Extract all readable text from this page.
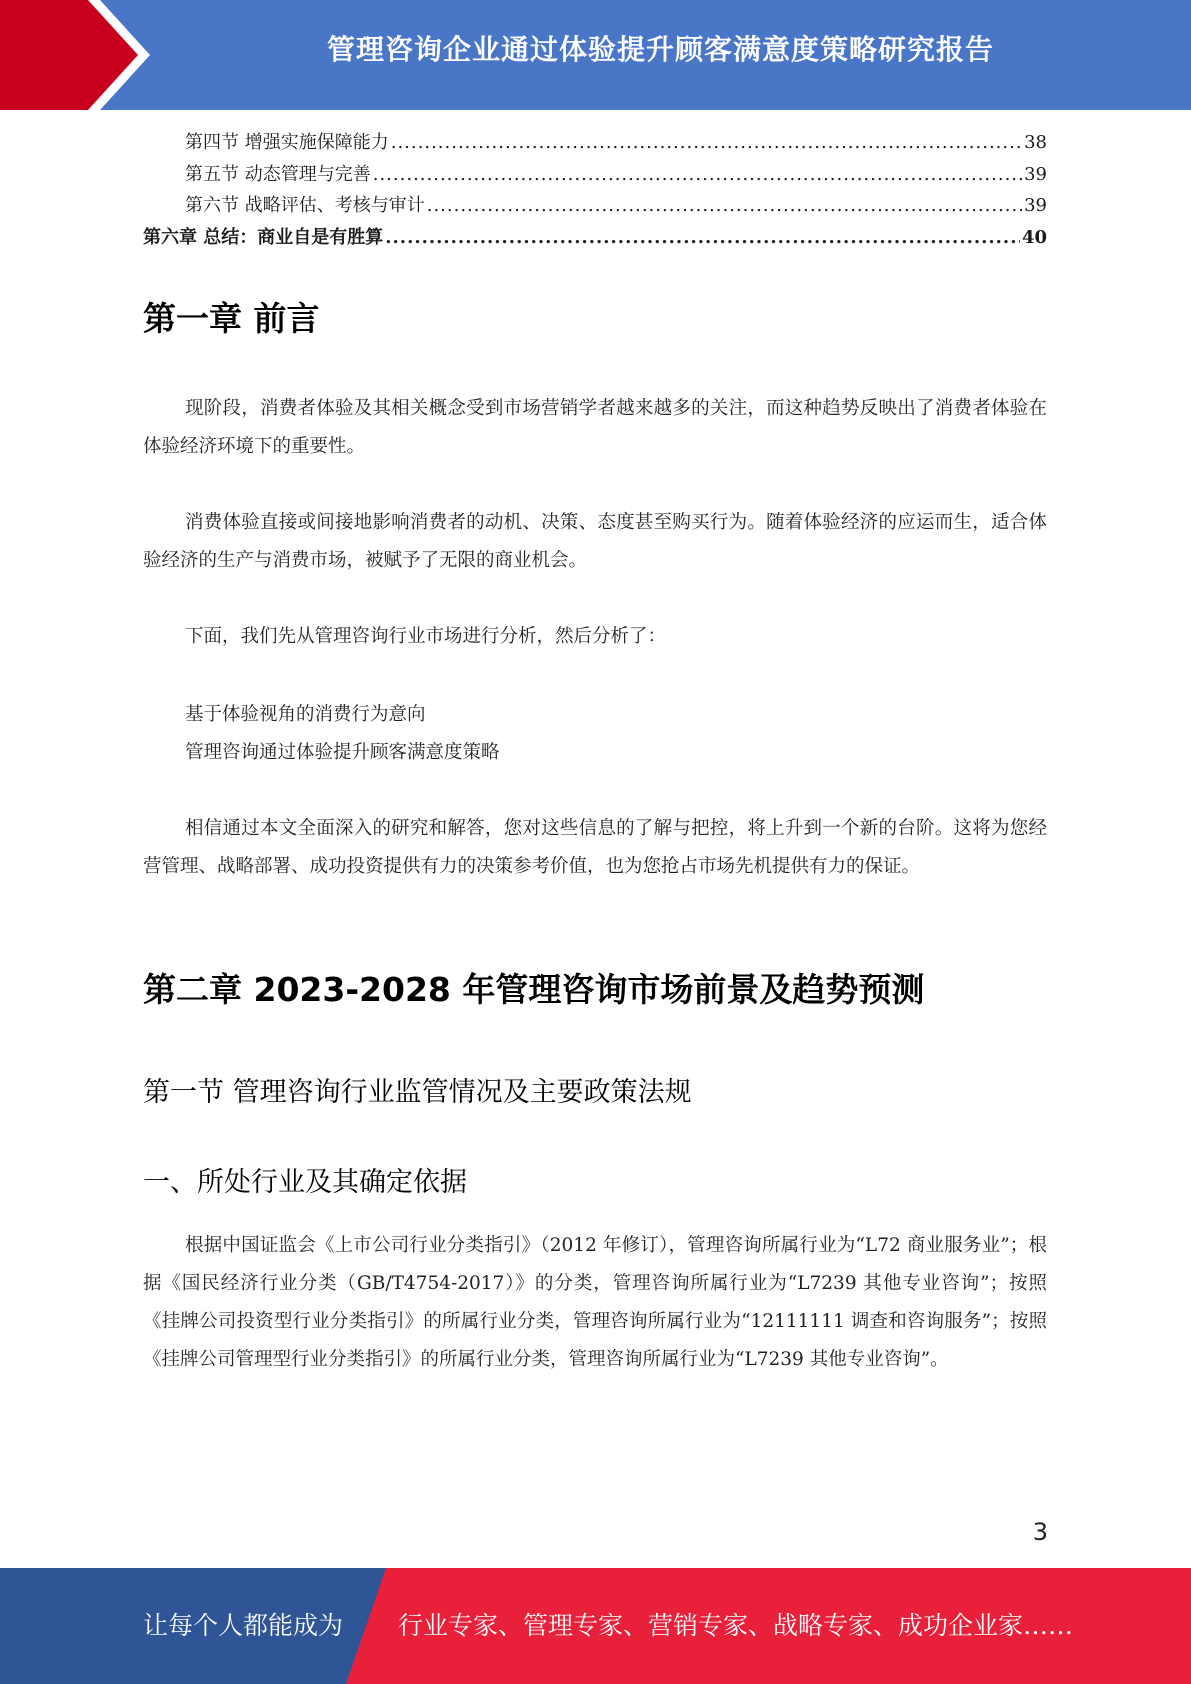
管理咨询企业通过体验提升顾客满意度策略研究报告
第四节 增强实施保障能力 .....	38
第五节 动态管理与完善 .....	39
第六节 战略评估、考核与审计 .....	39
第六章 总结：商业自是有胜算 .....	40
第一章 前言

现阶段，消费者体验及其相关概念受到市场营销学者越来越多的关注，而这种趋势反映出了消费者体验在体验经济环境下的重要性。

消费体验直接或间接地影响消费者的动机、决策、态度甚至购买行为。随着体验经济的应运而生，适合体验经济的生产与消费市场，被赋予了无限的商业机会。

下面，我们先从管理咨询行业市场进行分析，然后分析了：

基于体验视角的消费行为意向
管理咨询通过体验提升顾客满意度策略

相信通过本文全面深入的研究和解答，您对这些信息的了解与把控，将上升到一个新的台阶。这将为您经营管理、战略部署、成功投资提供有力的决策参考价值，也为您抢占市场先机提供有力的保证。

第二章 2023-2028 年管理咨询市场前景及趋势预测
第一节 管理咨询行业监管情况及主要政策法规
一、所处行业及其确定依据

根据中国证监会《上市公司行业分类指引》（2012 年修订），管理咨询所属行业为“L72 商业服务业”；根据《国民经济行业分类（GB/T4754-2017）》的分类，管理咨询所属行业为“L7239 其他专业咨询”；按照《挂牌公司投资型行业分类指引》的所属行业分类，管理咨询所属行业为“12111111 调查和咨询服务”；按照《挂牌公司管理型行业分类指引》的所属行业分类，管理咨询所属行业为“L7239 其他专业咨询”。

3
让每个人都能成为 行业专家、管理专家、营销专家、战略专家、成功企业家……
